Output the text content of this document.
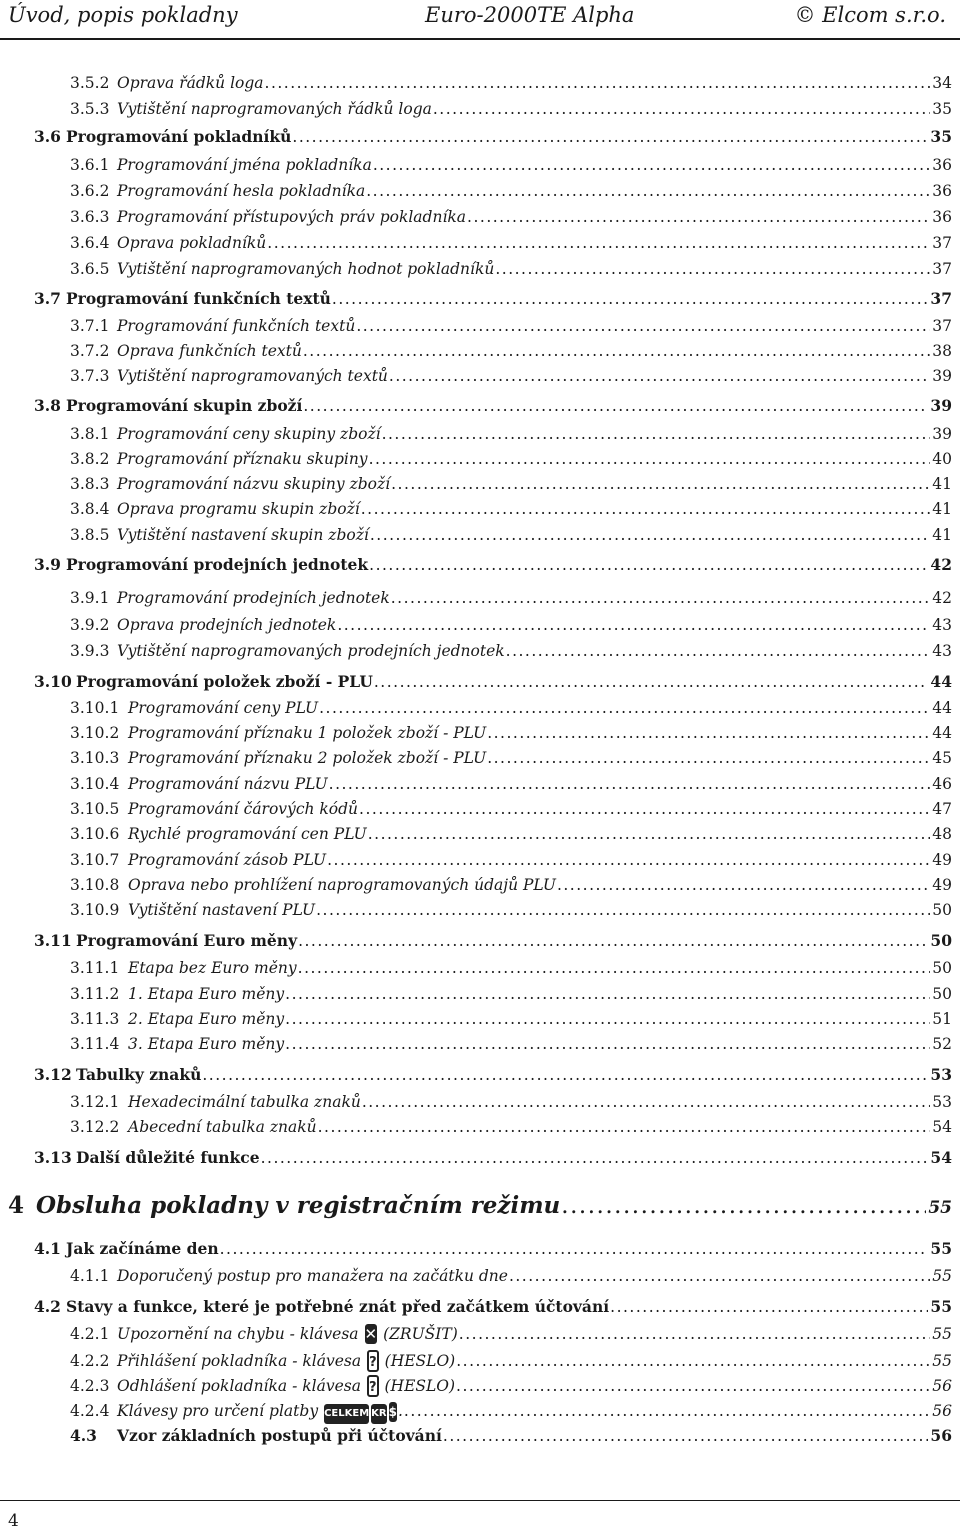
Úvod, popis pokladny	Euro-2000TE Alpha	© Elcom s.r.o.
3.5.2 Oprava řádků loga .....	34
3.5.3 Vytištění naprogramovaných řádků loga .....	35
3.6 Programování pokladníků .....	35
3.6.1 Programování jména pokladníka .....	36
3.6.2 Programování hesla pokladníka .....	36
3.6.3 Programování přístupových práv pokladníka .....	36
3.6.4 Oprava pokladníků .....	37
3.6.5 Vytištění naprogramovaných hodnot pokladníků .....	37
3.7 Programování funkčních textů .....	37
3.7.1 Programování funkčních textů .....	37
3.7.2 Oprava funkčních textů .....	38
3.7.3 Vytištění naprogramovaných textů .....	39
3.8 Programování skupin zboží .....	39
3.8.1 Programování ceny skupiny zboží .....	39
3.8.2 Programování příznaku skupiny .....	40
3.8.3 Programování názvu skupiny zboží .....	41
3.8.4 Oprava programu skupin zboží .....	41
3.8.5 Vytištění nastavení skupin zboží .....	41
3.9 Programování prodejních jednotek .....	42
3.9.1 Programování prodejních jednotek .....	42
3.9.2 Oprava prodejních jednotek .....	43
3.9.3 Vytištění naprogramovaných prodejních jednotek .....	43
3.10 Programování položek zboží - PLU .....	44
3.10.1 Programování ceny PLU .....	44
3.10.2 Programování příznaku 1 položek zboží - PLU .....	44
3.10.3 Programování příznaku 2 položek zboží - PLU .....	45
3.10.4 Programování názvu PLU .....	46
3.10.5 Programování čárových kódů .....	47
3.10.6 Rychlé programování cen PLU .....	48
3.10.7 Programování zásob PLU .....	49
3.10.8 Oprava nebo prohlížení naprogramovaných údajů PLU .....	49
3.10.9 Vytištění nastavení PLU .....	50
3.11 Programování Euro měny .....	50
3.11.1 Etapa bez Euro měny .....	50
3.11.2 1. Etapa Euro měny .....	50
3.11.3 2. Etapa Euro měny .....	51
3.11.4 3. Etapa Euro měny .....	52
3.12 Tabulky znaků .....	53
3.12.1 Hexadecimální tabulka znaků .....	53
3.12.2 Abecední tabulka znaků .....	54
3.13 Další důležité funkce .....	54
4 Obsluha pokladny v registračním režimu .....	55
4.1 Jak začínáme den .....	55
4.1.1 Doporučený postup pro manažera na začátku dne .....	55
4.2 Stavy a funkce, které je potřebné znát před začátkem účtování .....	55
4.2.1 Upozornění na chybu - klávesa ✕ (ZRUŠIT) .....	55
4.2.2 Přihlášení pokladníka - klávesa ? (HESLO) .....	55
4.2.3 Odhlášení pokladníka - klávesa ? (HESLO) .....	56
4.2.4 Klávesy pro určení platby CELKEM KR $ . .....	56
4.3	Vzor základních postupů při účtování .....	56
4
